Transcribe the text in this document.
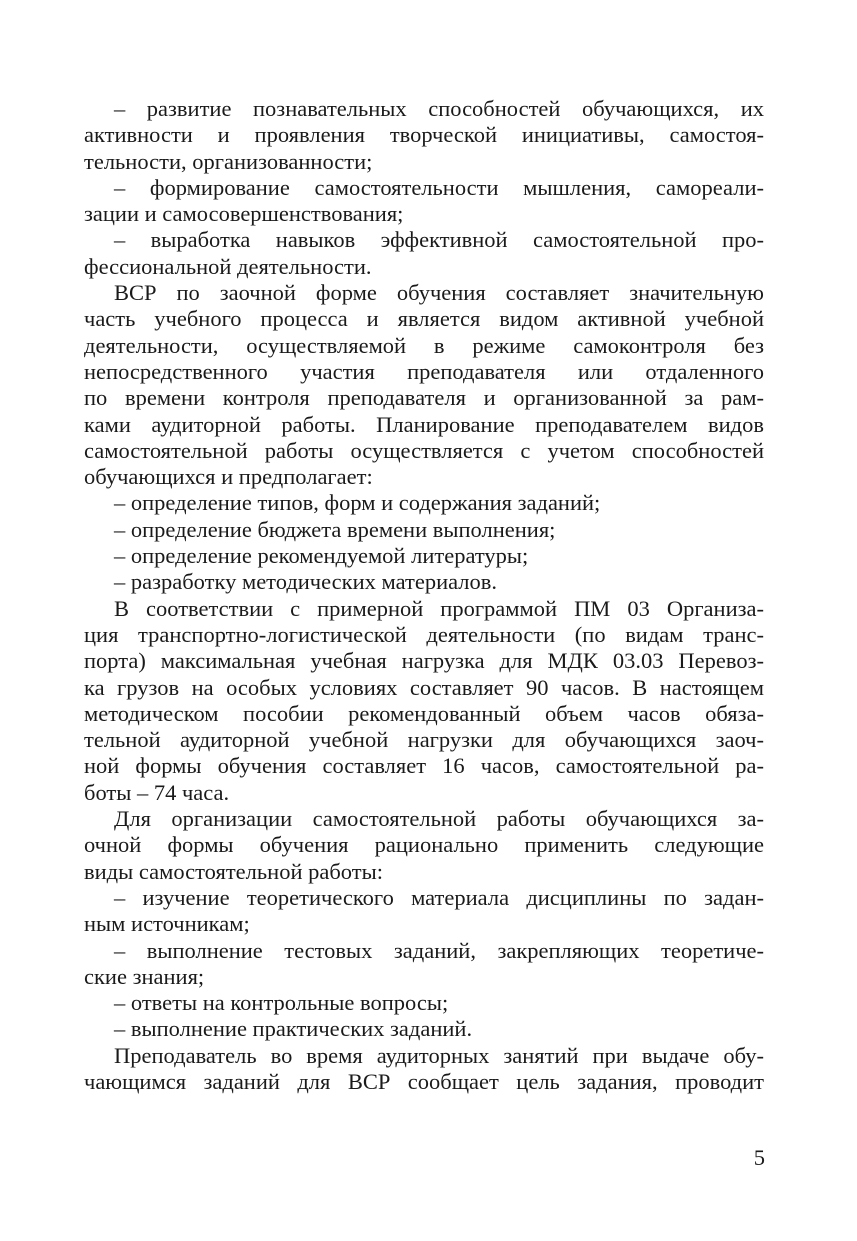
– развитие познавательных способностей обучающихся, их
активности и проявления творческой инициативы, самостоя-
тельности, организованности;
– формирование самостоятельности мышления, самореали-
зации и самосовершенствования;
– выработка навыков эффективной самостоятельной про-
фессиональной деятельности.
ВСР по заочной форме обучения составляет значительную
часть учебного процесса и является видом активной учебной
деятельности, осуществляемой в режиме самоконтроля без
непосредственного участия преподавателя или отдаленного
по времени контроля преподавателя и организованной за рам-
ками аудиторной работы. Планирование преподавателем видов
самостоятельной работы осуществляется с учетом способностей
обучающихся и предполагает:
– определение типов, форм и содержания заданий;
– определение бюджета времени выполнения;
– определение рекомендуемой литературы;
– разработку методических материалов.
В соответствии с примерной программой ПМ 03 Организа-
ция транспортно-логистической деятельности (по видам транс-
порта) максимальная учебная нагрузка для МДК 03.03 Перевоз-
ка грузов на особых условиях составляет 90 часов. В настоящем
методическом пособии рекомендованный объем часов обяза-
тельной аудиторной учебной нагрузки для обучающихся заоч-
ной формы обучения составляет 16 часов, самостоятельной ра-
боты – 74 часа.
Для организации самостоятельной работы обучающихся за-
очной формы обучения рационально применить следующие
виды самостоятельной работы:
– изучение теоретического материала дисциплины по задан-
ным источникам;
– выполнение тестовых заданий, закрепляющих теоретиче-
ские знания;
– ответы на контрольные вопросы;
– выполнение практических заданий.
Преподаватель во время аудиторных занятий при выдаче обу-
чающимся заданий для ВСР сообщает цель задания, проводит
5
